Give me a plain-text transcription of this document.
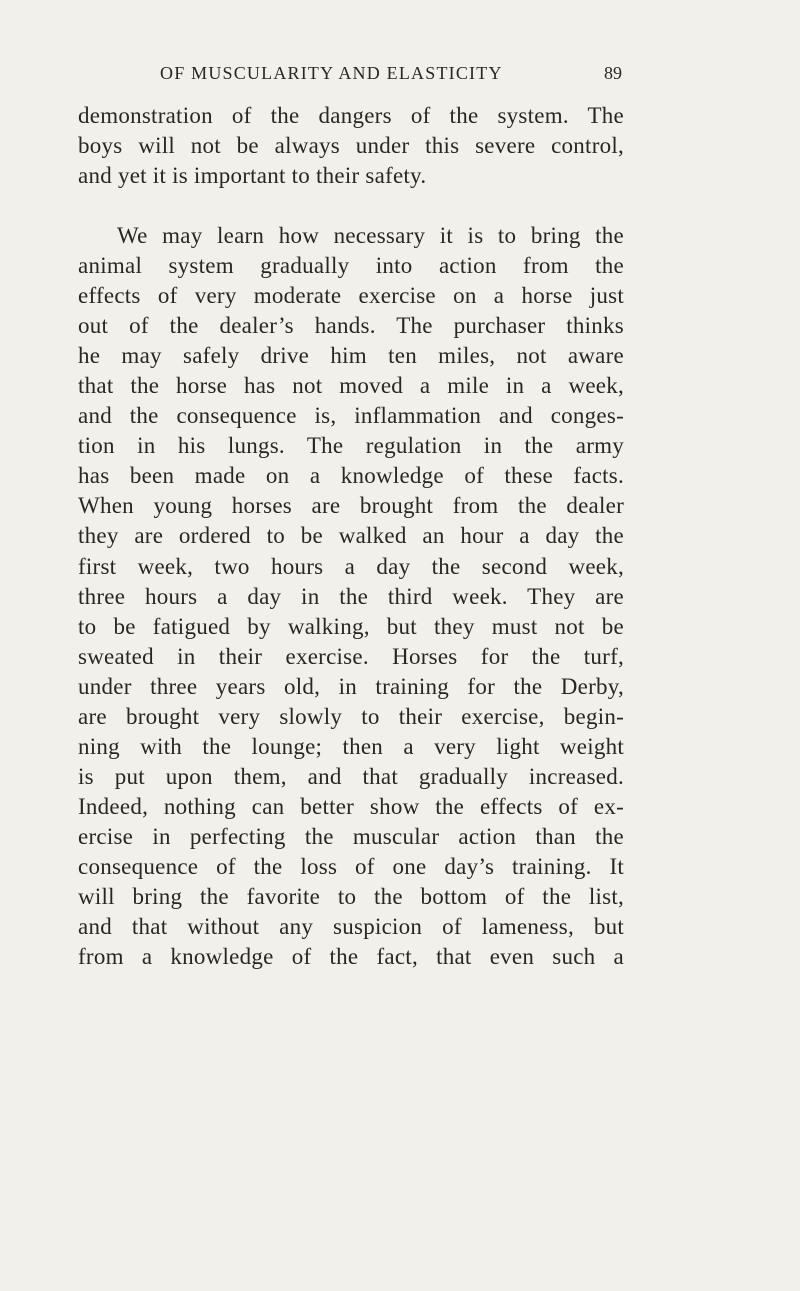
OF MUSCULARITY AND ELASTICITY	89
demonstration of the dangers of the system. The
boys will not be always under this severe control,
and yet it is important to their safety.
We may learn how necessary it is to bring the
animal system gradually into action from the
effects of very moderate exercise on a horse just
out of the dealer’s hands. The purchaser thinks
he may safely drive him ten miles, not aware
that the horse has not moved a mile in a week,
and the consequence is, inflammation and conges-
tion in his lungs. The regulation in the army
has been made on a knowledge of these facts.
When young horses are brought from the dealer
they are ordered to be walked an hour a day the
first week, two hours a day the second week,
three hours a day in the third week. They are
to be fatigued by walking, but they must not be
sweated in their exercise. Horses for the turf,
under three years old, in training for the Derby,
are brought very slowly to their exercise, begin-
ning with the lounge; then a very light weight
is put upon them, and that gradually increased.
Indeed, nothing can better show the effects of ex-
ercise in perfecting the muscular action than the
consequence of the loss of one day’s training. It
will bring the favorite to the bottom of the list,
and that without any suspicion of lameness, but
from a knowledge of the fact, that even such a
